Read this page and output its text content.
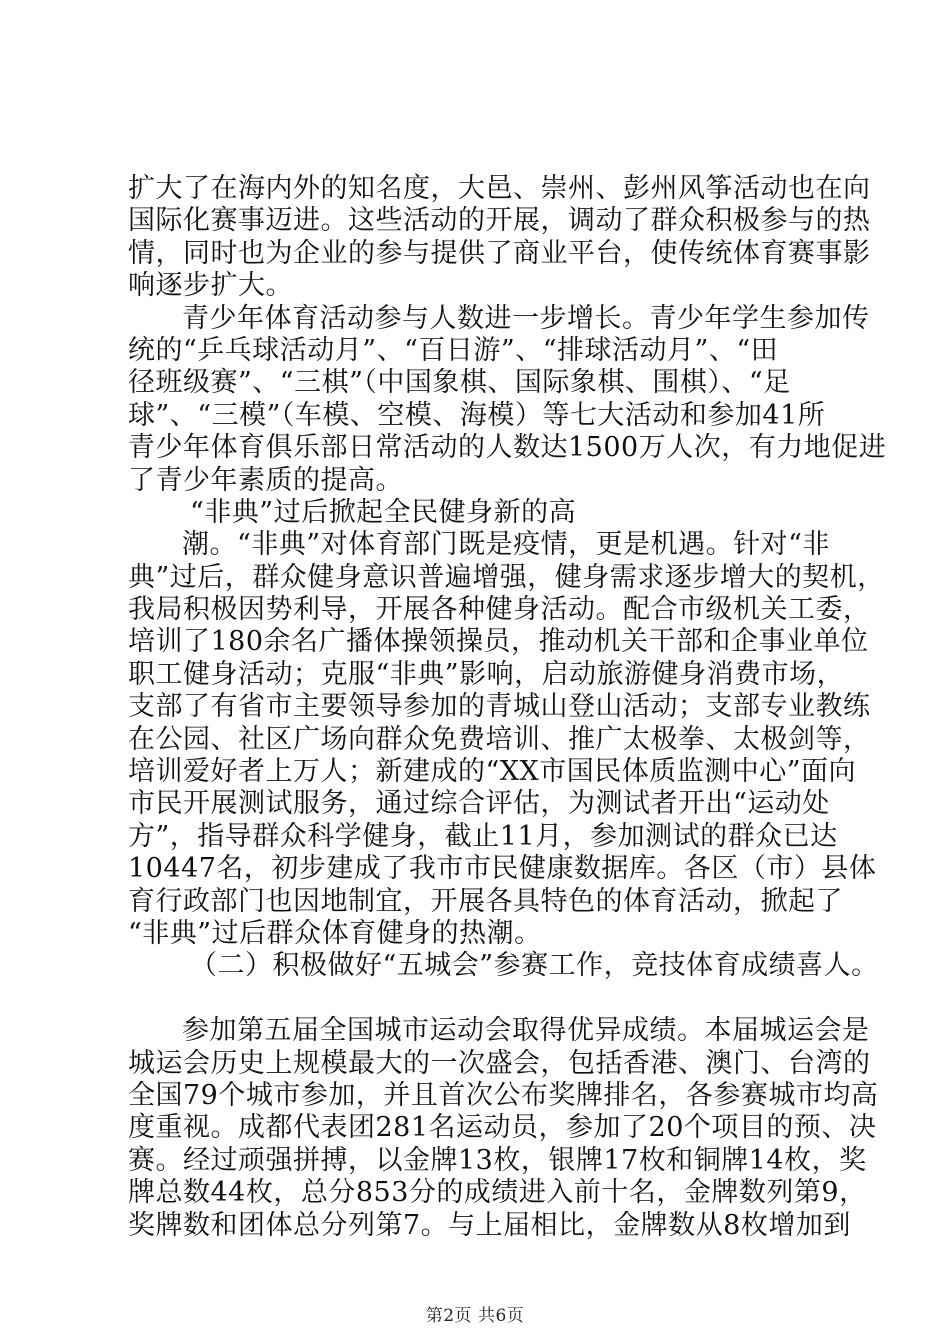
扩大了在海内外的知名度，大邑、崇州、彭州风筝活动也在向
国际化赛事迈进。这些活动的开展，调动了群众积极参与的热
情，同时也为企业的参与提供了商业平台，使传统体育赛事影
响逐步扩大。
青少年体育活动参与人数进一步增长。青少年学生参加传
统的“乒乓球活动月”、“百日游”、“排球活动月”、“田
径班级赛”、“三棋”（中国象棋、国际象棋、围棋）、“足
球”、“三模”（车模、空模、海模）等七大活动和参加41所
青少年体育俱乐部日常活动的人数达1500万人次，有力地促进
了青少年素质的提高。
“非典”过后掀起全民健身新的高
潮。“非典”对体育部门既是疫情，更是机遇。针对“非
典”过后，群众健身意识普遍增强，健身需求逐步增大的契机，
我局积极因势利导，开展各种健身活动。配合市级机关工委，
培训了180余名广播体操领操员，推动机关干部和企事业单位
职工健身活动；克服“非典”影响，启动旅游健身消费市场，
支部了有省市主要领导参加的青城山登山活动；支部专业教练
在公园、社区广场向群众免费培训、推广太极拳、太极剑等，
培训爱好者上万人；新建成的“XX市国民体质监测中心”面向
市民开展测试服务，通过综合评估，为测试者开出“运动处
方”，指导群众科学健身，截止11月，参加测试的群众已达
10447名，初步建成了我市市民健康数据库。各区（市）县体
育行政部门也因地制宜，开展各具特色的体育活动，掀起了
“非典”过后群众体育健身的热潮。
（二）积极做好“五城会”参赛工作，竞技体育成绩喜人。
参加第五届全国城市运动会取得优异成绩。本届城运会是
城运会历史上规模最大的一次盛会，包括香港、澳门、台湾的
全国79个城市参加，并且首次公布奖牌排名，各参赛城市均高
度重视。成都代表团281名运动员，参加了20个项目的预、决
赛。经过顽强拼搏，以金牌13枚，银牌17枚和铜牌14枚，奖
牌总数44枚，总分853分的成绩进入前十名，金牌数列第9，
奖牌数和团体总分列第7。与上届相比，金牌数从8枚增加到
第2页 共6页
